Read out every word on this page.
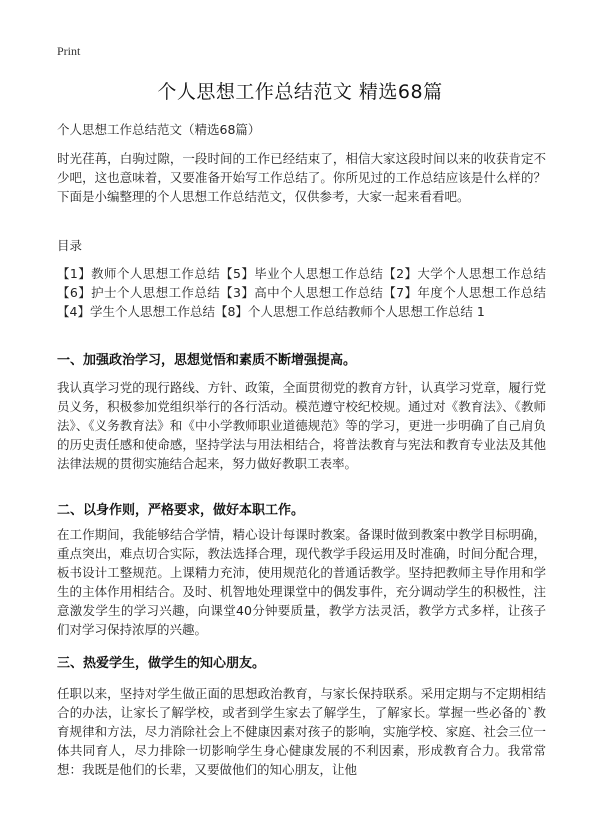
Print
个人思想工作总结范文 精选68篇
个人思想工作总结范文（精选68篇）
时光荏苒，白驹过隙，一段时间的工作已经结束了，相信大家这段时间以来的收获肯定不少吧，这也意味着，又要准备开始写工作总结了。你所见过的工作总结应该是什么样的？下面是小编整理的个人思想工作总结范文，仅供参考，大家一起来看看吧。
目录
【1】教师个人思想工作总结【5】毕业个人思想工作总结【2】大学个人思想工作总结【6】护士个人思想工作总结【3】高中个人思想工作总结【7】年度个人思想工作总结【4】学生个人思想工作总结【8】个人思想工作总结教师个人思想工作总结 1
一、加强政治学习，思想觉悟和素质不断增强提高。
我认真学习党的现行路线、方针、政策，全面贯彻党的教育方针，认真学习党章，履行党员义务，积极参加党组织举行的各行活动。模范遵守校纪校规。通过对《教育法》、《教师法》、《义务教育法》和《中小学教师职业道德规范》等的学习，更进一步明确了自己肩负的历史责任感和使命感，坚持学法与用法相结合，将普法教育与宪法和教育专业法及其他法律法规的贯彻实施结合起来，努力做好教职工表率。
二、以身作则，严格要求，做好本职工作。
在工作期间，我能够结合学情，精心设计每课时教案。备课时做到教案中教学目标明确，重点突出，难点切合实际，教法选择合理，现代教学手段运用及时准确，时间分配合理，板书设计工整规范。上课精力充沛，使用规范化的普通话教学。坚持把教师主导作用和学生的主体作用相结合。及时、机智地处理课堂中的偶发事件，充分调动学生的积极性，注意激发学生的学习兴趣，向课堂40分钟要质量，教学方法灵活，教学方式多样，让孩子们对学习保持浓厚的兴趣。
三、热爱学生，做学生的知心朋友。
任职以来，坚持对学生做正面的思想政治教育，与家长保持联系。采用定期与不定期相结合的办法，让家长了解学校，或者到学生家去了解学生，了解家长。掌握一些必备的`教育规律和方法，尽力消除社会上不健康因素对孩子的影响，实施学校、家庭、社会三位一体共同育人，尽力排除一切影响学生身心健康发展的不利因素，形成教育合力。我常常想：我既是他们的长辈，又要做他们的知心朋友，让他
